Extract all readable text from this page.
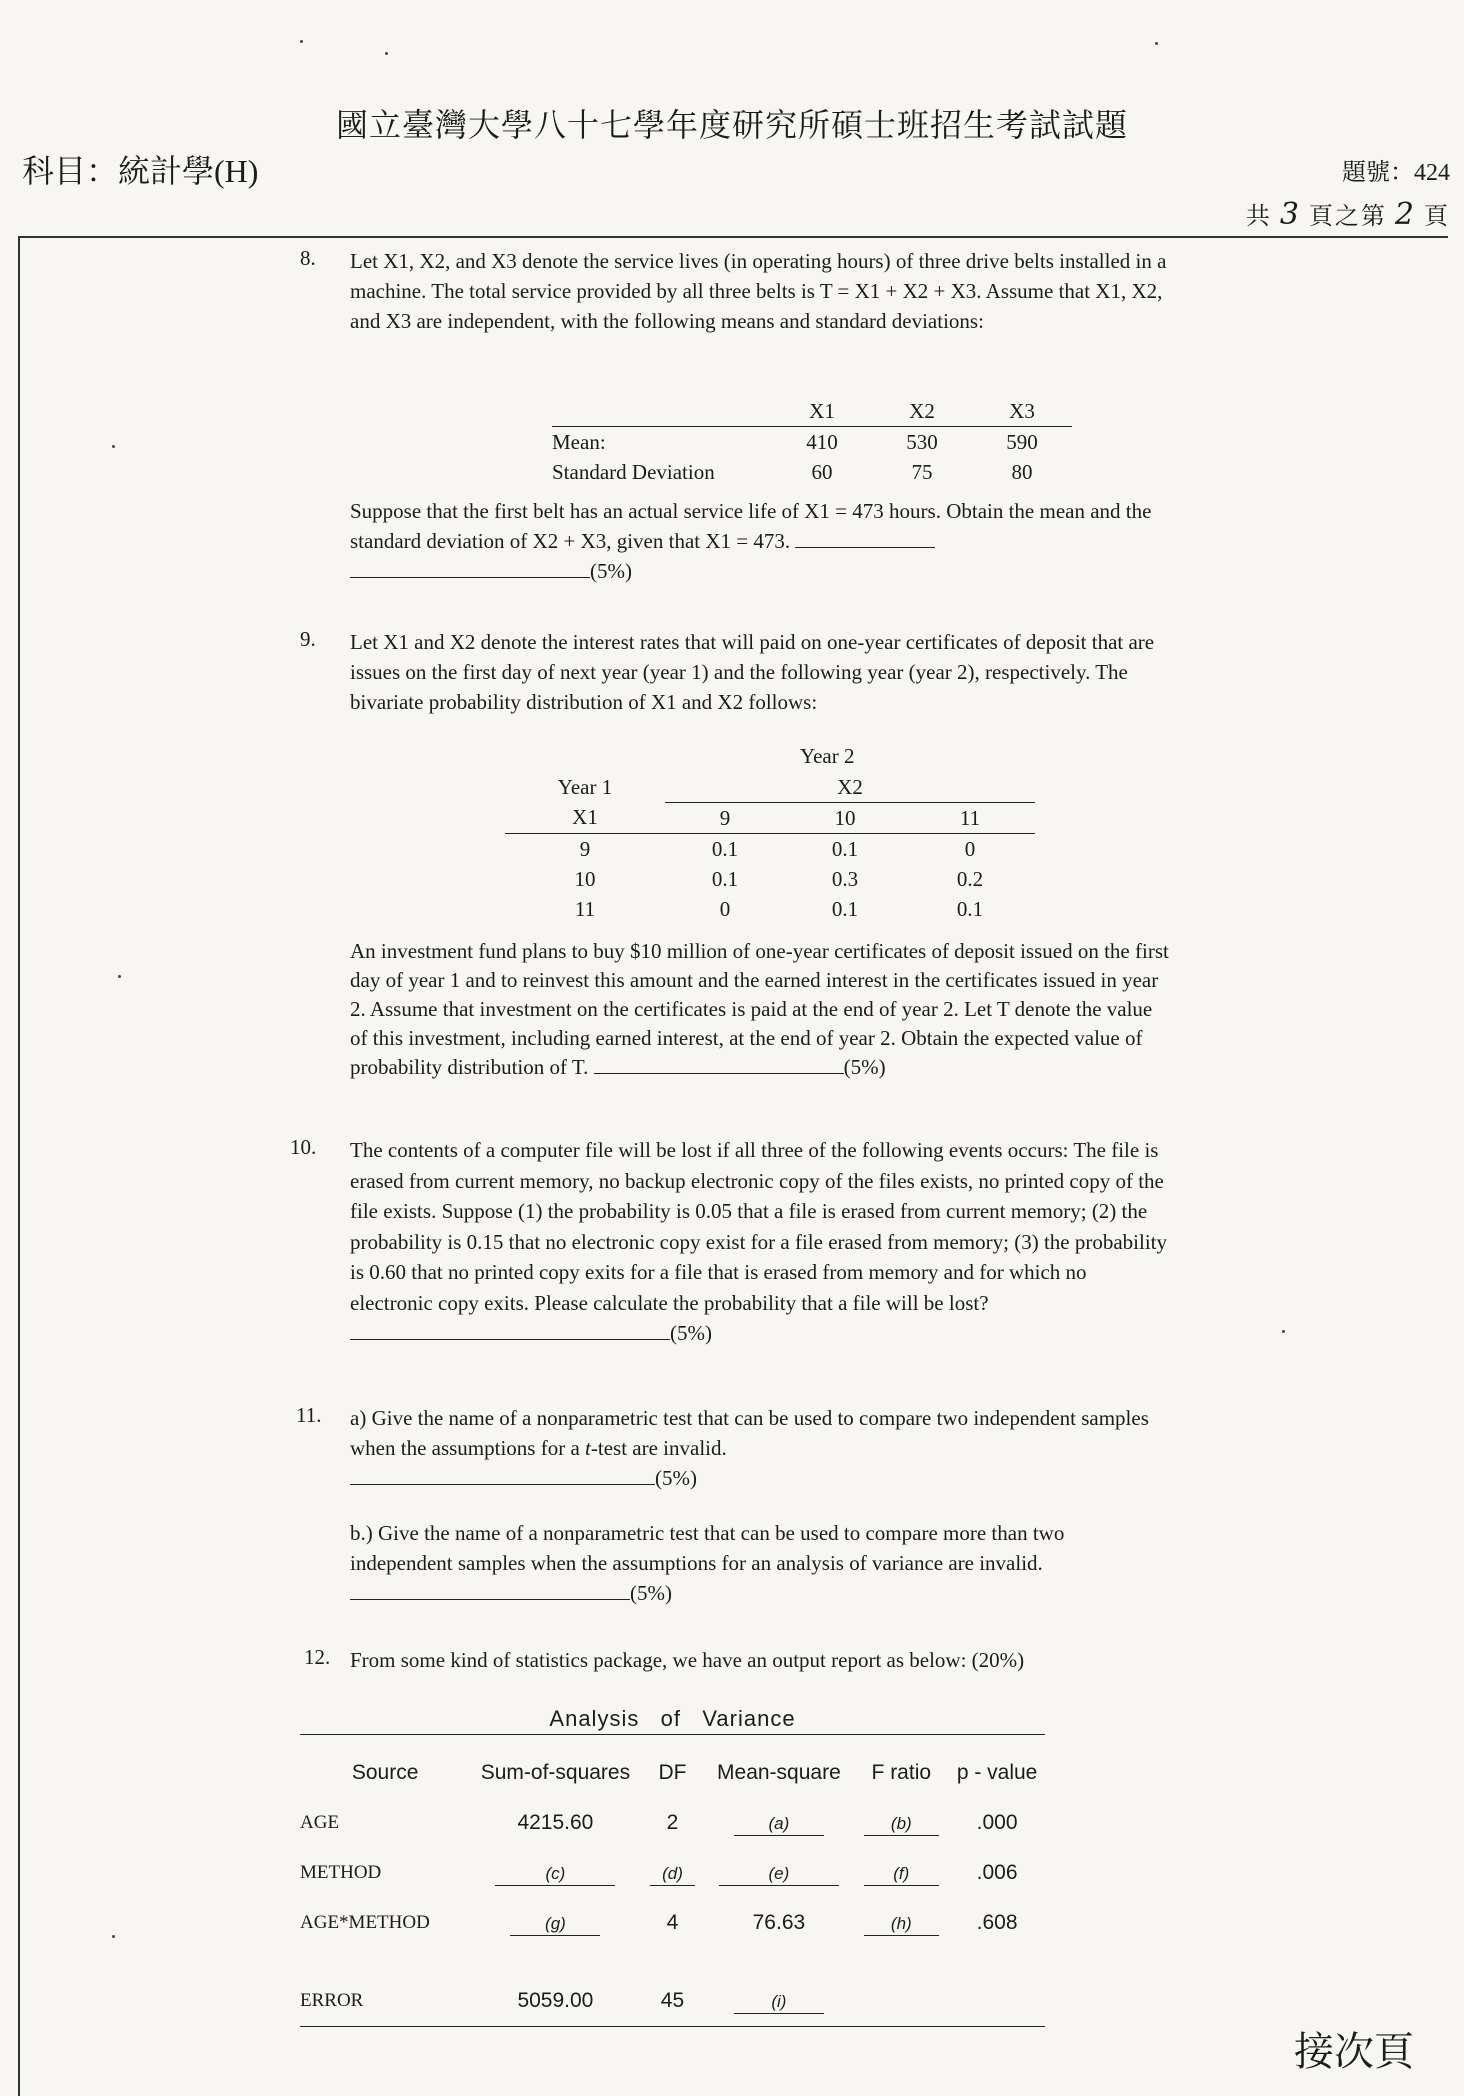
國立臺灣大學八十七學年度研究所碩士班招生考試試題
科目：統計學(H)	題號：424
共 3 頁之第 2 頁
8. Let X1, X2, and X3 denote the service lives (in operating hours) of three drive belts installed in a machine. The total service provided by all three belts is T = X1 + X2 + X3. Assume that X1, X2, and X3 are independent, with the following means and standard deviations:

	X1	X2	X3
Mean:	410	530	590
Standard Deviation	60	75	80
Suppose that the first belt has an actual service life of X1 = 473 hours. Obtain the mean and the standard deviation of X2 + X3, given that X1 = 473.
(5%)
9. Let X1 and X2 denote the interest rates that will paid on one-year certificates of deposit that are issues on the first day of next year (year 1) and the following year (year 2), respectively. The bivariate probability distribution of X1 and X2 follows:
Year 2
Year 1	X2		
X1	9	10	11
9	0.1	0.1	0
10	0.1	0.3	0.2
11	0	0.1	0.1
An investment fund plans to buy $10 million of one-year certificates of deposit issued on the first day of year 1 and to reinvest this amount and the earned interest in the certificates issued in year 2. Assume that investment on the certificates is paid at the end of year 2. Let T denote the value of this investment, including earned interest, at the end of year 2. Obtain the expected value of probability distribution of T.	(5%)
10. The contents of a computer file will be lost if all three of the following events occurs: The file is erased from current memory, no backup electronic copy of the files exists, no printed copy of the file exists. Suppose (1) the probability is 0.05 that a file is erased from current memory; (2) the probability is 0.15 that no electronic copy exist for a file erased from memory; (3) the probability is 0.60 that no printed copy exits for a file that is erased from memory and for which no electronic copy exits. Please calculate the probability that a file will be lost?
(5%)
11. a) Give the name of a nonparametric test that can be used to compare two independent samples when the assumptions for a t-test are invalid.
(5%)
b.) Give the name of a nonparametric test that can be used to compare more than two independent samples when the assumptions for an analysis of variance are invalid. (5%)
12. From some kind of statistics package, we have an output report as below: (20%)
Analysis of Variance
Source	Sum-of-squares	DF	Mean-square	F ratio	p - value
AGE	4215.60	2	(a)	(b)	.000
METHOD	(c)	(d)	(e)	(f)	.006
AGE*METHOD	(g)	4	76.63	(h)	.608

ERROR	5059.00	45	(i)		
接次頁
